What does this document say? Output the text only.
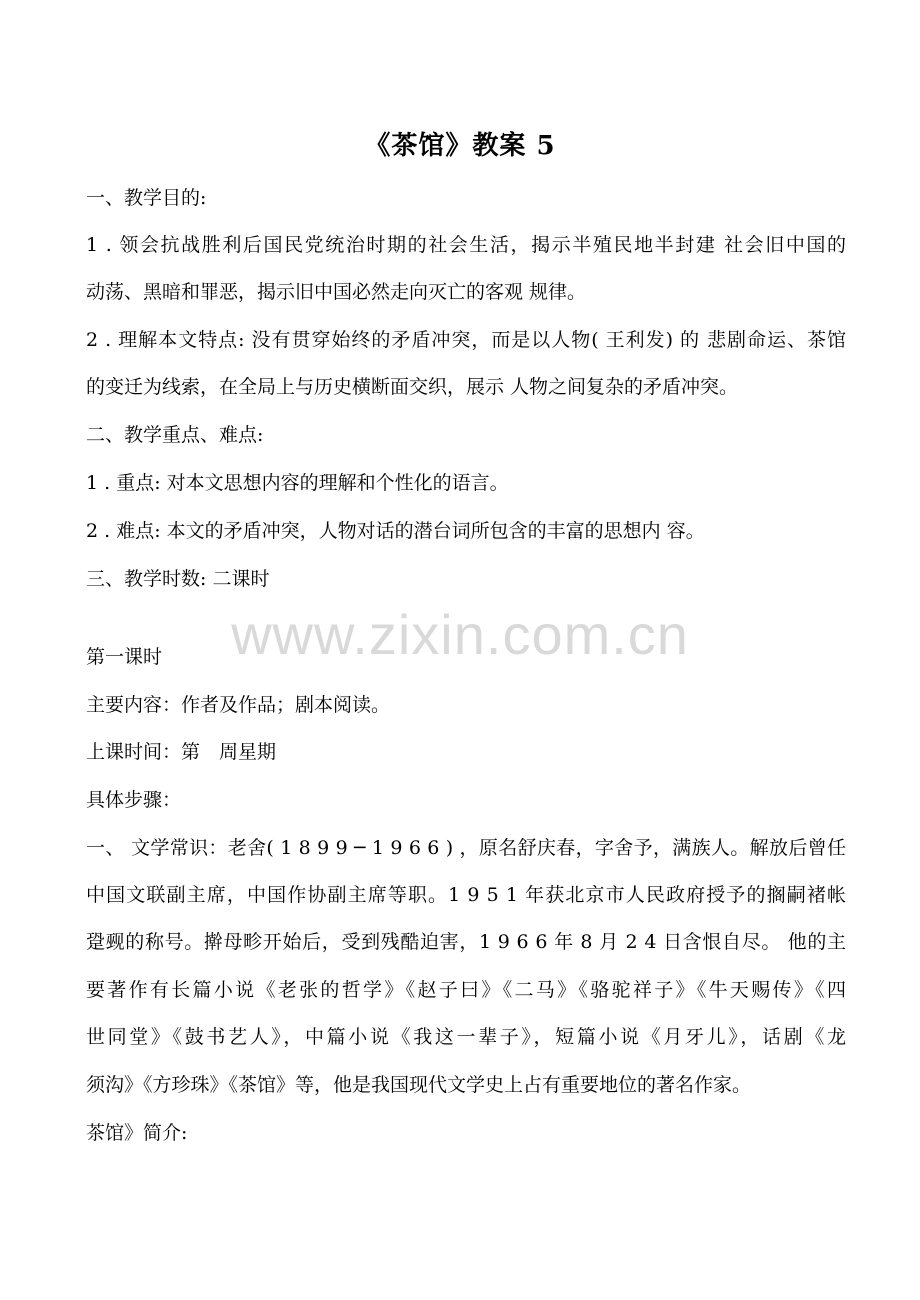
《茶馆》教案 5
一、教学目的:
1 . 领会抗战胜利后国民党统治时期的社会生活，揭示半殖民地半封建 社会旧中国的
动荡、黑暗和罪恶，揭示旧中国必然走向灭亡的客观 规律。
2 . 理解本文特点: 没有贯穿始终的矛盾冲突，而是以人物( 王利发) 的 悲剧命运、茶馆
的变迁为线索，在全局上与历史横断面交织，展示 人物之间复杂的矛盾冲突。
二、教学重点、难点:
1 . 重点: 对本文思想内容的理解和个性化的语言。
2 . 难点: 本文的矛盾冲突，人物对话的潜台词所包含的丰富的思想内 容。
三、教学时数: 二课时
www.zixin.com.cn
第一课时
主要内容：作者及作品；剧本阅读。
上课时间：第　周星期
具体步骤：
一、 文学常识：老舍( 1 8 9 9 ─ 1 9 6 6 ) ，原名舒庆春，字舍予，满族人。解放后曾任
中国文联副主席，中国作协副主席等职。1 9 5 1 年获北京市人民政府授予的搁嗣褚帐
跫觋的称号。擀母畛开始后，受到残酷迫害，1 9 6 6 年 8 月 2 4 日含恨自尽。 他的主
要著作有长篇小说《老张的哲学》《赵子曰》《二马》《骆驼祥子》《牛天赐传》《四
世同堂》《鼓书艺人》，中篇小说《我这一辈子》，短篇小说《月牙儿》，话剧《龙
须沟》《方珍珠》《茶馆》等，他是我国现代文学史上占有重要地位的著名作家。
茶馆》简介:
